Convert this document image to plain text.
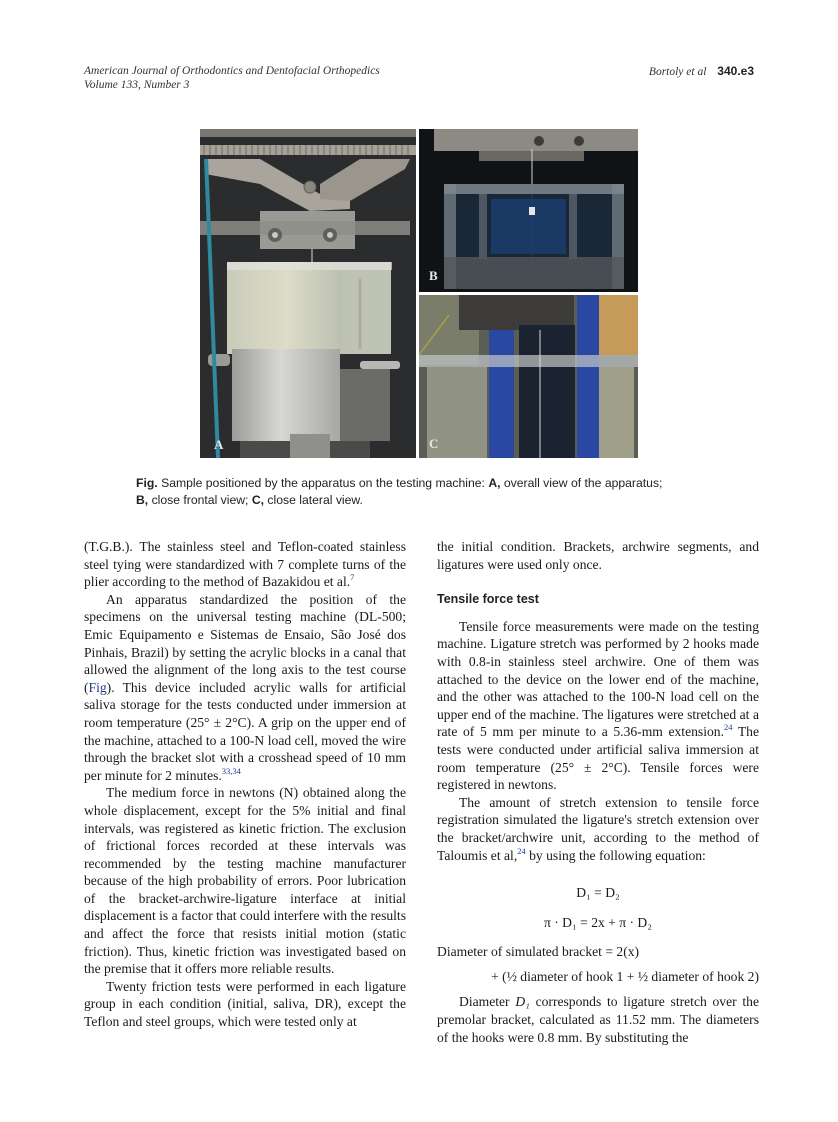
American Journal of Orthodontics and Dentofacial Orthopedics
Volume 133, Number 3
Bortoly et al 340.e3
A
B
C
Fig. Sample positioned by the apparatus on the testing machine: A, overall view of the apparatus;
B, close frontal view; C, close lateral view.

(T.G.B.). The stainless steel and Teflon-coated stainless steel tying were standardized with 7 complete turns of the plier according to the method of Bazakidou et al.$^7$

An apparatus standardized the position of the specimens on the universal testing machine (DL-500; Emic Equipamento e Sistemas de Ensaio, São José dos Pinhais, Brazil) by setting the acrylic blocks in a canal that allowed the alignment of the long axis to the test course (Fig). This device included acrylic walls for artificial saliva storage for the tests conducted under immersion at room temperature (25° ± 2°C). A grip on the upper end of the machine, attached to a 100-N load cell, moved the wire through the bracket slot with a crosshead speed of 10 mm per minute for 2 minutes.$^{33,34}$

The medium force in newtons (N) obtained along the whole displacement, except for the 5% initial and final intervals, was registered as kinetic friction. The exclusion of frictional forces recorded at these intervals was recommended by the testing machine manufacturer because of the high probability of errors. Poor lubrication of the bracket-archwire-ligature interface at initial displacement is a factor that could interfere with the results and affect the force that resists initial motion (static friction). Thus, kinetic friction was investigated based on the premise that it offers more reliable results.

Twenty friction tests were performed in each ligature group in each condition (initial, saliva, DR), except the Teflon and steel groups, which were tested only at

the initial condition. Brackets, archwire segments, and ligatures were used only once.

Tensile force test

Tensile force measurements were made on the testing machine. Ligature stretch was performed by 2 hooks made with 0.8-in stainless steel archwire. One of them was attached to the device on the lower end of the machine, and the other was attached to the 100-N load cell on the upper end of the machine. The ligatures were stretched at a rate of 5 mm per minute to a 5.36-mm extension.$^{24}$ The tests were conducted under artificial saliva immersion at room temperature (25° ± 2°C). Tensile forces were registered in newtons.

The amount of stretch extension to tensile force registration simulated the ligature's stretch extension over the bracket/archwire unit, according to the method of Taloumis et al,$^{24}$ by using the following equation:

D₁ = D₂
π · D₁ = 2x + π · D₂
Diameter of simulated bracket = 2(x)
+ (½ diameter of hook 1 + ½ diameter of hook 2)

Diameter D₁ corresponds to ligature stretch over the premolar bracket, calculated as 11.52 mm. The diameters of the hooks were 0.8 mm. By substituting the
